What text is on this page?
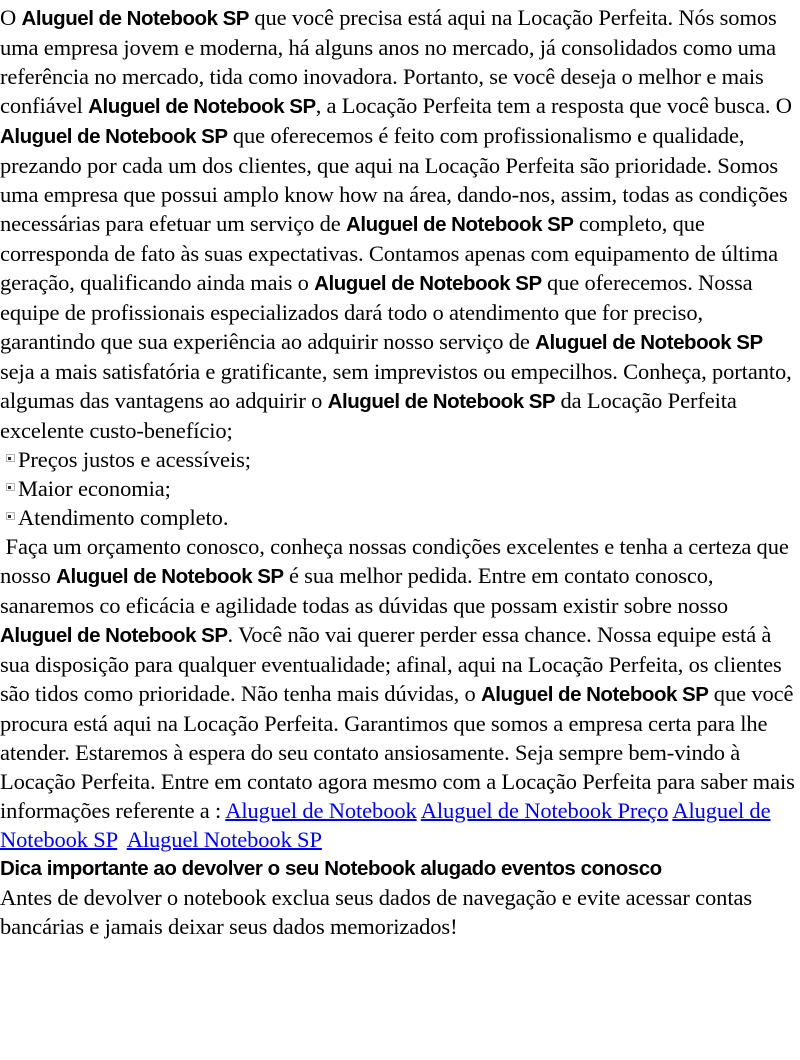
O Aluguel de Notebook SP que você precisa está aqui na Locação Perfeita. Nós somos uma empresa jovem e moderna, há alguns anos no mercado, já consolidados como uma referência no mercado, tida como inovadora. Portanto, se você deseja o melhor e mais confiável Aluguel de Notebook SP, a Locação Perfeita tem a resposta que você busca. O Aluguel de Notebook SP que oferecemos é feito com profissionalismo e qualidade, prezando por cada um dos clientes, que aqui na Locação Perfeita são prioridade. Somos uma empresa que possui amplo know how na área, dando-nos, assim, todas as condições necessárias para efetuar um serviço de Aluguel de Notebook SP completo, que corresponda de fato às suas expectativas. Contamos apenas com equipamento de última geração, qualificando ainda mais o Aluguel de Notebook SP que oferecemos. Nossa equipe de profissionais especializados dará todo o atendimento que for preciso, garantindo que sua experiência ao adquirir nosso serviço de Aluguel de Notebook SP seja a mais satisfatória e gratificante, sem imprevistos ou empecilhos. Conheça, portanto, algumas das vantagens ao adquirir o Aluguel de Notebook SP da Locação Perfeita excelente custo-benefício;

Preços justos e acessíveis;
Maior economia;
Atendimento completo.

Faça um orçamento conosco, conheça nossas condições excelentes e tenha a certeza que nosso Aluguel de Notebook SP é sua melhor pedida. Entre em contato conosco, sanaremos co eficácia e agilidade todas as dúvidas que possam existir sobre nosso Aluguel de Notebook SP. Você não vai querer perder essa chance. Nossa equipe está à sua disposição para qualquer eventualidade; afinal, aqui na Locação Perfeita, os clientes são tidos como prioridade. Não tenha mais dúvidas, o Aluguel de Notebook SP que você procura está aqui na Locação Perfeita. Garantimos que somos a empresa certa para lhe atender. Estaremos à espera do seu contato ansiosamente. Seja sempre bem-vindo à Locação Perfeita. Entre em contato agora mesmo com a Locação Perfeita para saber mais informações referente a : Aluguel de Notebook Aluguel de Notebook Preço Aluguel de Notebook SP Aluguel Notebook SP

Dica importante ao devolver o seu Notebook alugado eventos conosco

Antes de devolver o notebook exclua seus dados de navegação e evite acessar contas bancárias e jamais deixar seus dados memorizados!
